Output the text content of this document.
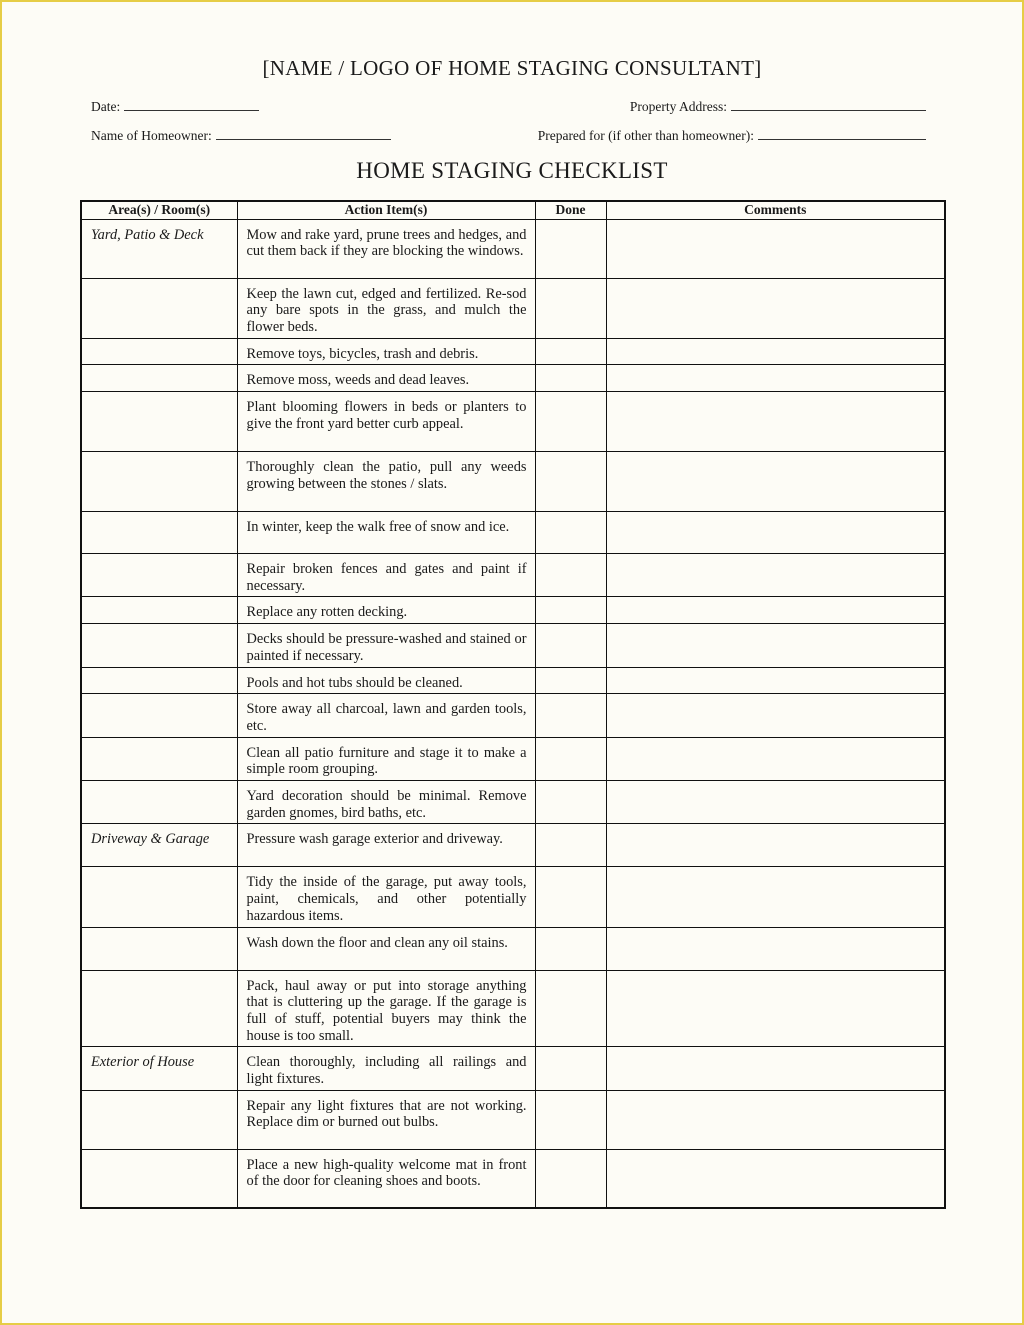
[NAME / LOGO OF HOME STAGING CONSULTANT]
Date:	Property Address:
Name of Homeowner:	Prepared for (if other than homeowner):
HOME STAGING CHECKLIST
Area(s) / Room(s)	Action Item(s)	Done	Comments
Yard, Patio & Deck	Mow and rake yard, prune trees and hedges, and cut them back if they are blocking the windows.		
	Keep the lawn cut, edged and fertilized. Re-sod any bare spots in the grass, and mulch the flower beds.		
	Remove toys, bicycles, trash and debris.		
	Remove moss, weeds and dead leaves.		
	Plant blooming flowers in beds or planters to give the front yard better curb appeal.		
	Thoroughly clean the patio, pull any weeds growing between the stones / slats.		
	In winter, keep the walk free of snow and ice.		
	Repair broken fences and gates and paint if necessary.		
	Replace any rotten decking.		
	Decks should be pressure-washed and stained or painted if necessary.		
	Pools and hot tubs should be cleaned.		
	Store away all charcoal, lawn and garden tools, etc.		
	Clean all patio furniture and stage it to make a simple room grouping.		
	Yard decoration should be minimal. Remove garden gnomes, bird baths, etc.		
Driveway & Garage	Pressure wash garage exterior and driveway.		
	Tidy the inside of the garage, put away tools, paint, chemicals, and other potentially hazardous items.		
	Wash down the floor and clean any oil stains.		
	Pack, haul away or put into storage anything that is cluttering up the garage. If the garage is full of stuff, potential buyers may think the house is too small.		
Exterior of House	Clean thoroughly, including all railings and light fixtures.		
	Repair any light fixtures that are not working. Replace dim or burned out bulbs.		
	Place a new high-quality welcome mat in front of the door for cleaning shoes and boots.		
